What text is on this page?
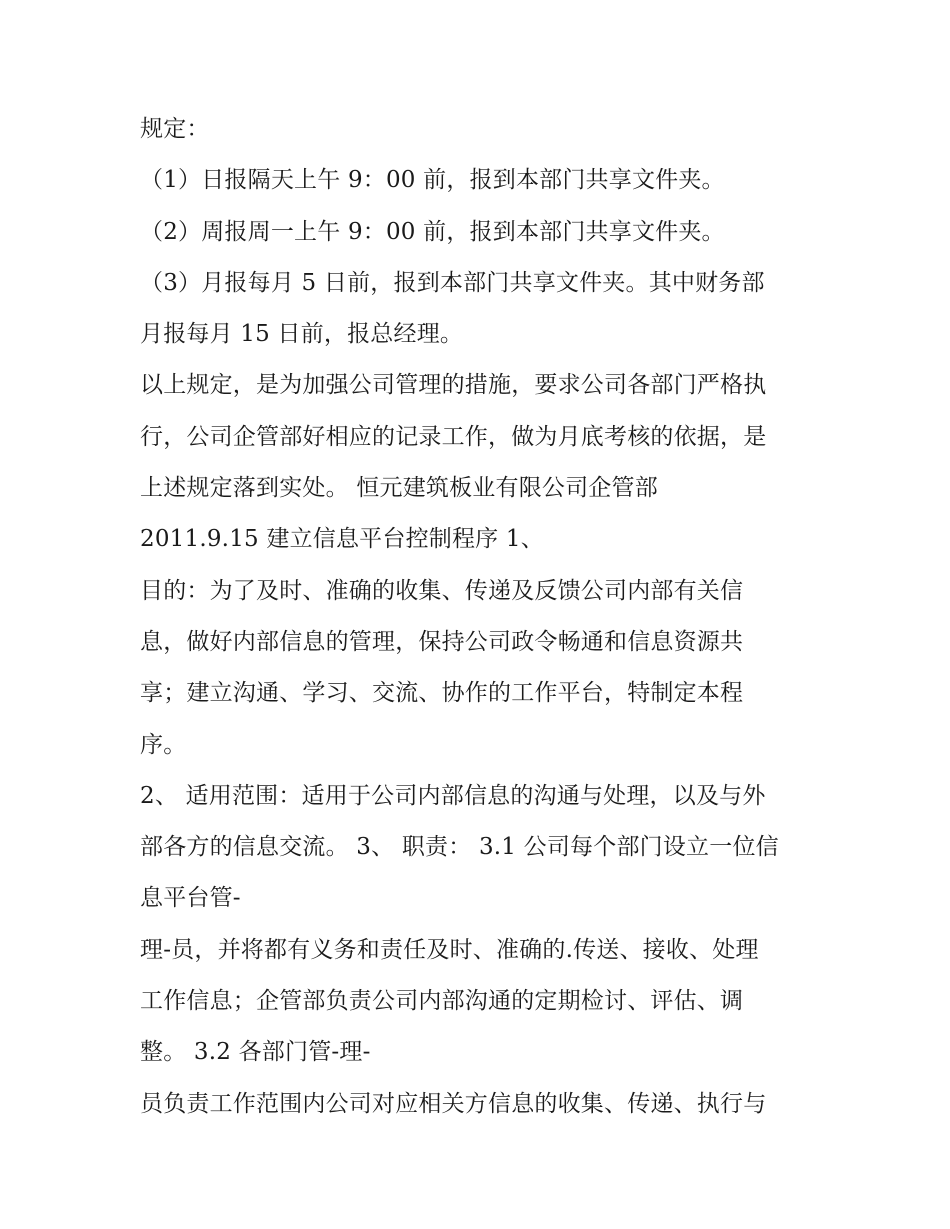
规定：
（1）日报隔天上午 9：00 前，报到本部门共享文件夹。
（2）周报周一上午 9：00 前，报到本部门共享文件夹。
（3）月报每月 5 日前，报到本部门共享文件夹。其中财务部
月报每月 15 日前，报总经理。
以上规定，是为加强公司管理的措施，要求公司各部门严格执
行，公司企管部好相应的记录工作，做为月底考核的依据，是
上述规定落到实处。 恒元建筑板业有限公司企管部
2011.9.15 建立信息平台控制程序 1、
目的：为了及时、准确的收集、传递及反馈公司内部有关信
息，做好内部信息的管理，保持公司政令畅通和信息资源共
享；建立沟通、学习、交流、协作的工作平台，特制定本程
序。
2、 适用范围：适用于公司内部信息的沟通与处理，以及与外
部各方的信息交流。 3、 职责： 3.1 公司每个部门设立一位信
息平台管-
理-员，并将都有义务和责任及时、准确的.传送、接收、处理
工作信息；企管部负责公司内部沟通的定期检讨、评估、调
整。 3.2 各部门管-理-
员负责工作范围内公司对应相关方信息的收集、传递、执行与
